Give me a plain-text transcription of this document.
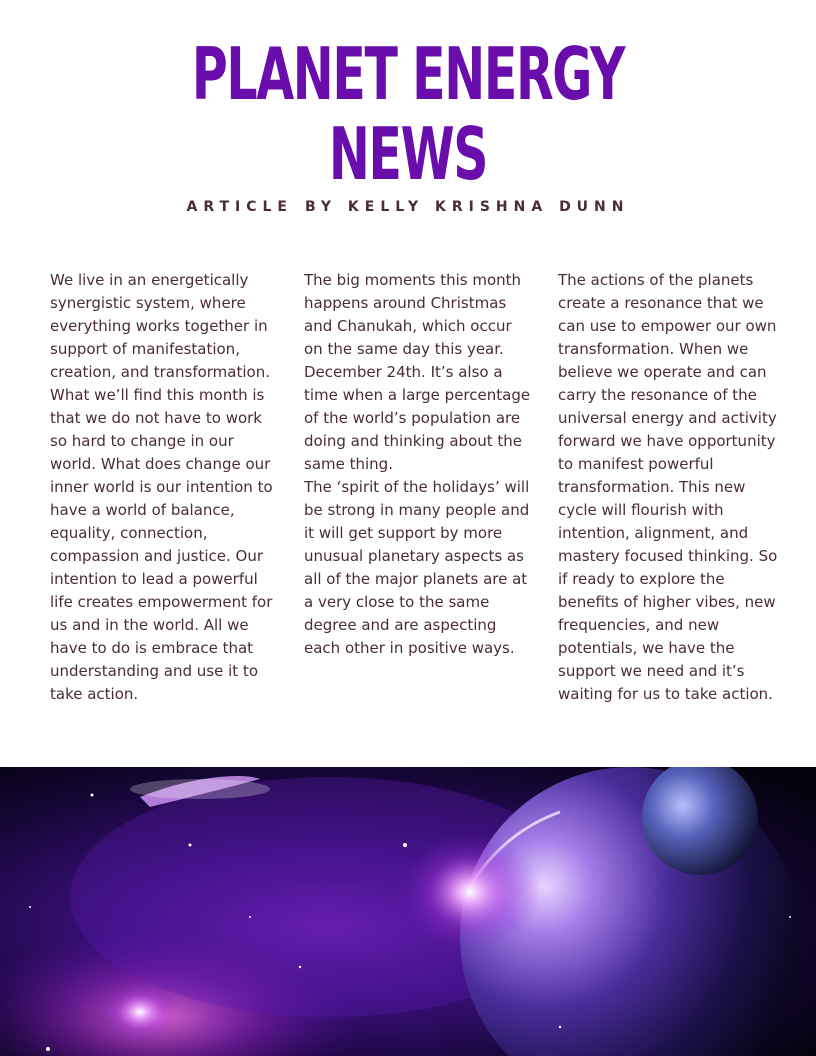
PLANET ENERGY
NEWS
ARTICLE BY KELLY KRISHNA DUNN

We live in an energetically synergistic system, where everything works together in support of manifestation, creation, and transformation.

What we’ll find this month is that we do not have to work so hard to change in our world. What does change our inner world is our intention to have a world of balance, equality, connection, compassion and justice. Our intention to lead a powerful life creates empowerment for us and in the world. All we have to do is embrace that understanding and use it to take action.

The big moments this month happens around Christmas and Chanukah, which occur on the same day this year. December 24th. It’s also a time when a large percentage of the world’s population are doing and thinking about the same thing.

The ‘spirit of the holidays’ will be strong in many people and it will get support by more unusual planetary aspects as all of the major planets are at a very close to the same degree and are aspecting each other in positive ways.

The actions of the planets create a resonance that we can use to empower our own transformation. When we believe we operate and can carry the resonance of the universal energy and activity forward we have opportunity to manifest powerful transformation. This new cycle will flourish with intention, alignment, and mastery focused thinking. So if ready to explore the benefits of higher vibes, new frequencies, and new potentials, we have the support we need and it’s waiting for us to take action.
